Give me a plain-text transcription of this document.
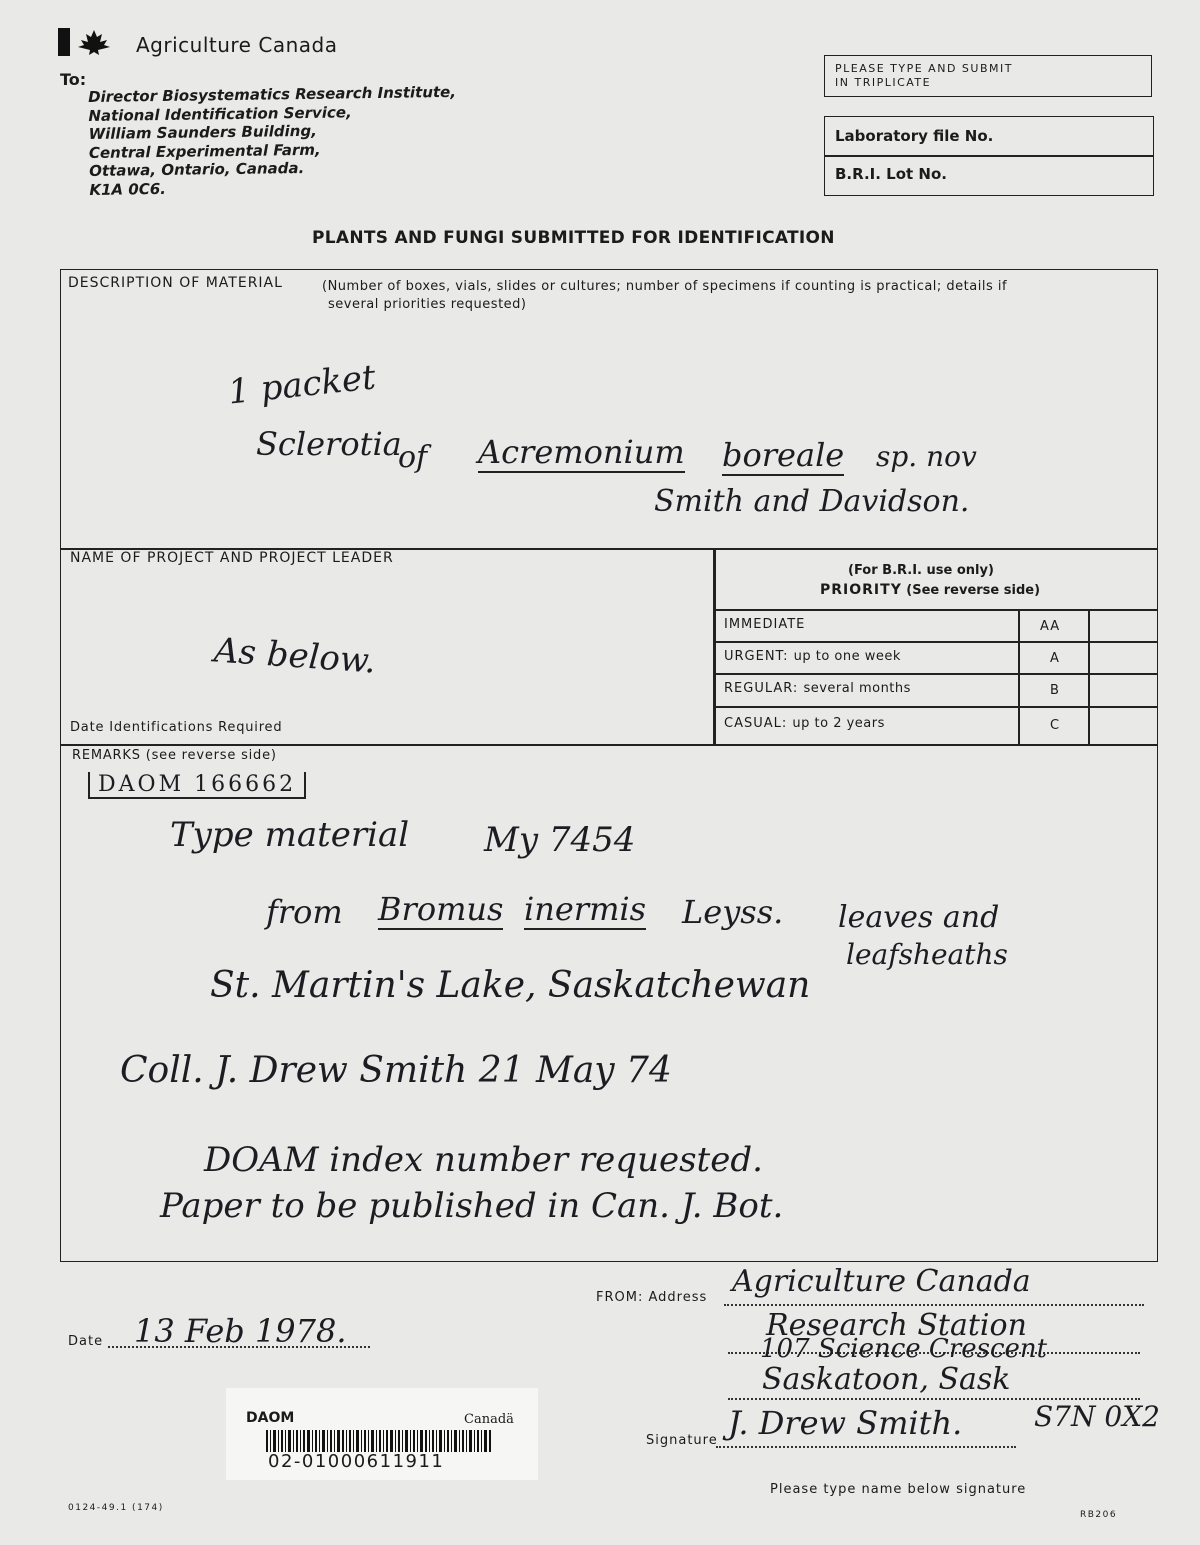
Agriculture Canada
To:
Director Biosystematics Research Institute,
National Identification Service,
William Saunders Building,
Central Experimental Farm,
Ottawa, Ontario, Canada.
K1A 0C6.
PLEASE TYPE AND SUBMIT
IN TRIPLICATE
Laboratory file No.
B.R.I. Lot No.
PLANTS AND FUNGI SUBMITTED FOR IDENTIFICATION
DESCRIPTION OF MATERIAL	(Number of boxes, vials, slides or cultures; number of specimens if counting is practical; details if
several priorities requested)
1 packet
Sclerotia
of Acremonium boreale sp. nov
Smith and Davidson.
NAME OF PROJECT AND PROJECT LEADER
As below.
Date Identifications Required
(For B.R.I. use only)
PRIORITY (See reverse side)
IMMEDIATE	AA
URGENT: up to one week	A
REGULAR: several months	B
CASUAL: up to 2 years	C
REMARKS (see reverse side)
DAOM 166662
Type material My 7454
from Bromus inermis Leyss. leaves and
leafsheaths
St. Martin's Lake, Saskatchewan
Coll. J. Drew Smith 21 May 74
DOAM index number requested.
Paper to be published in Can. J. Bot.
Date 13 Feb 1978.
FROM: Address Agriculture Canada
Research Station
107 Science Crescent
Saskatoon, Sask
S7N 0X2
Signature J. Drew Smith.
Please type name below signature
0124-49.1 (174)
RB206
DAOM	Canadä
02-01000611911
